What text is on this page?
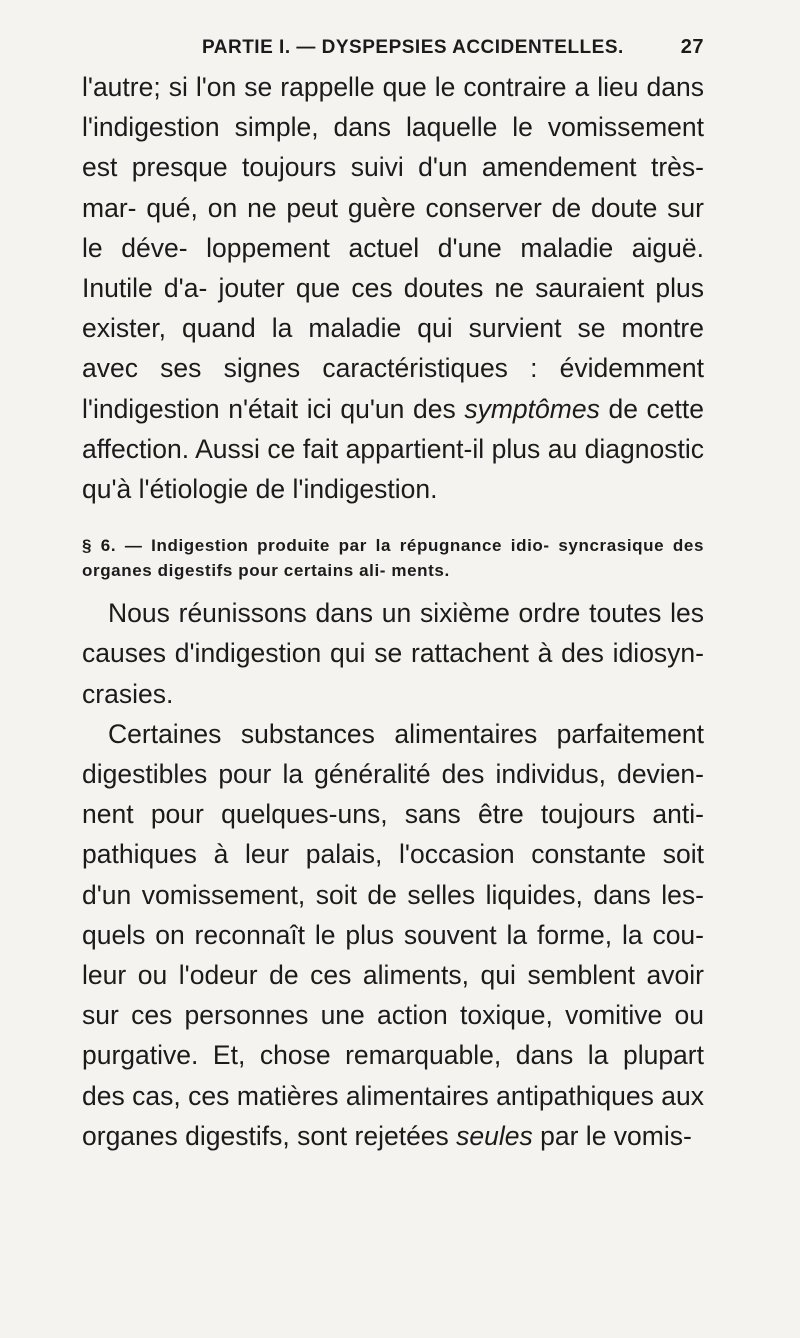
PARTIE I. — DYSPEPSIES ACCIDENTELLES.	27

l'autre; si l'on se rappelle que le contraire a lieu dans l'indigestion simple, dans laquelle le vomissement est presque toujours suivi d'un amendement très-mar- qué, on ne peut guère conserver de doute sur le déve- loppement actuel d'une maladie aiguë. Inutile d'a- jouter que ces doutes ne sauraient plus exister, quand la maladie qui survient se montre avec ses signes caractéristiques : évidemment l'indigestion n'était ici qu'un des symptômes de cette affection. Aussi ce fait appartient-il plus au diagnostic qu'à l'étiologie de l'indigestion.

§ 6. — Indigestion produite par la répugnance idio- syncrasique des organes digestifs pour certains ali- ments.

Nous réunissons dans un sixième ordre toutes les causes d'indigestion qui se rattachent à des idiosyn- crasies.

Certaines substances alimentaires parfaitement digestibles pour la généralité des individus, devien- nent pour quelques-uns, sans être toujours anti- pathiques à leur palais, l'occasion constante soit d'un vomissement, soit de selles liquides, dans les- quels on reconnaît le plus souvent la forme, la cou- leur ou l'odeur de ces aliments, qui semblent avoir sur ces personnes une action toxique, vomitive ou purgative. Et, chose remarquable, dans la plupart des cas, ces matières alimentaires antipathiques aux organes digestifs, sont rejetées seules par le vomis-
